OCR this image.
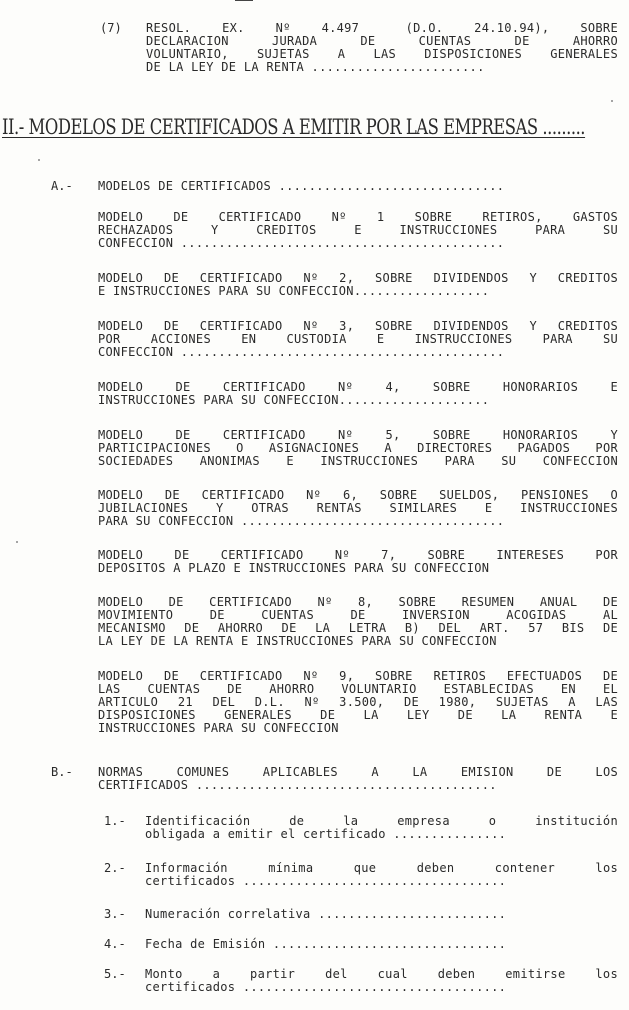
(7) RESOL.  EX.  Nº  4.497   (D.O.  24.10.94),  SOBRE
DECLARACION  JURADA  DE  CUENTAS  DE  AHORRO
VOLUNTARIO, SUJETAS A LAS DISPOSICIONES GENERALES
DE LA LEY DE LA RENTA .......................
II.- MODELOS DE CERTIFICADOS A EMITIR POR LAS EMPRESAS .........
A.- MODELOS DE CERTIFICADOS ..............................
MODELO DE CERTIFICADO Nº 1 SOBRE RETIROS, GASTOS
RECHAZADOS Y CREDITOS E INSTRUCCIONES PARA SU
CONFECCION ...........................................
MODELO DE CERTIFICADO Nº 2, SOBRE DIVIDENDOS Y CREDITOS
E INSTRUCCIONES PARA SU CONFECCION..................
MODELO DE CERTIFICADO Nº 3, SOBRE DIVIDENDOS Y CREDITOS
POR ACCIONES EN CUSTODIA E INSTRUCCIONES PARA SU
CONFECCION ...........................................
MODELO DE CERTIFICADO Nº 4, SOBRE HONORARIOS E
INSTRUCCIONES PARA SU CONFECCION....................
MODELO DE CERTIFICADO Nº 5, SOBRE HONORARIOS Y
PARTICIPACIONES O ASIGNACIONES A DIRECTORES PAGADOS POR
SOCIEDADES ANONIMAS E INSTRUCCIONES PARA SU CONFECCION
MODELO DE CERTIFICADO Nº 6, SOBRE SUELDOS, PENSIONES O
JUBILACIONES Y OTRAS RENTAS SIMILARES E INSTRUCCIONES
PARA SU CONFECCION ...................................
MODELO DE CERTIFICADO Nº 7, SOBRE INTERESES POR
DEPOSITOS A PLAZO E INSTRUCCIONES PARA SU CONFECCION
MODELO DE CERTIFICADO Nº 8, SOBRE RESUMEN ANUAL DE
MOVIMIENTO DE CUENTAS DE INVERSION ACOGIDAS AL
MECANISMO DE AHORRO DE LA LETRA B) DEL ART. 57 BIS DE
LA LEY DE LA RENTA E INSTRUCCIONES PARA SU CONFECCION
MODELO DE CERTIFICADO Nº 9, SOBRE RETIROS EFECTUADOS DE
LAS CUENTAS DE AHORRO VOLUNTARIO ESTABLECIDAS EN EL
ARTICULO 21 DEL D.L. Nº 3.500, DE 1980, SUJETAS A LAS
DISPOSICIONES GENERALES DE LA LEY DE LA RENTA E
INSTRUCCIONES PARA SU CONFECCION
B.- NORMAS COMUNES APLICABLES A LA EMISION DE LOS
CERTIFICADOS ........................................
1.- Identificación de la empresa o institución
obligada a emitir el certificado ...............
2.- Información mínima que deben contener los
certificados ...................................
3.- Numeración correlativa .........................
4.- Fecha de Emisión ...............................
5.- Monto a partir del cual deben emitirse los
certificados ...................................
